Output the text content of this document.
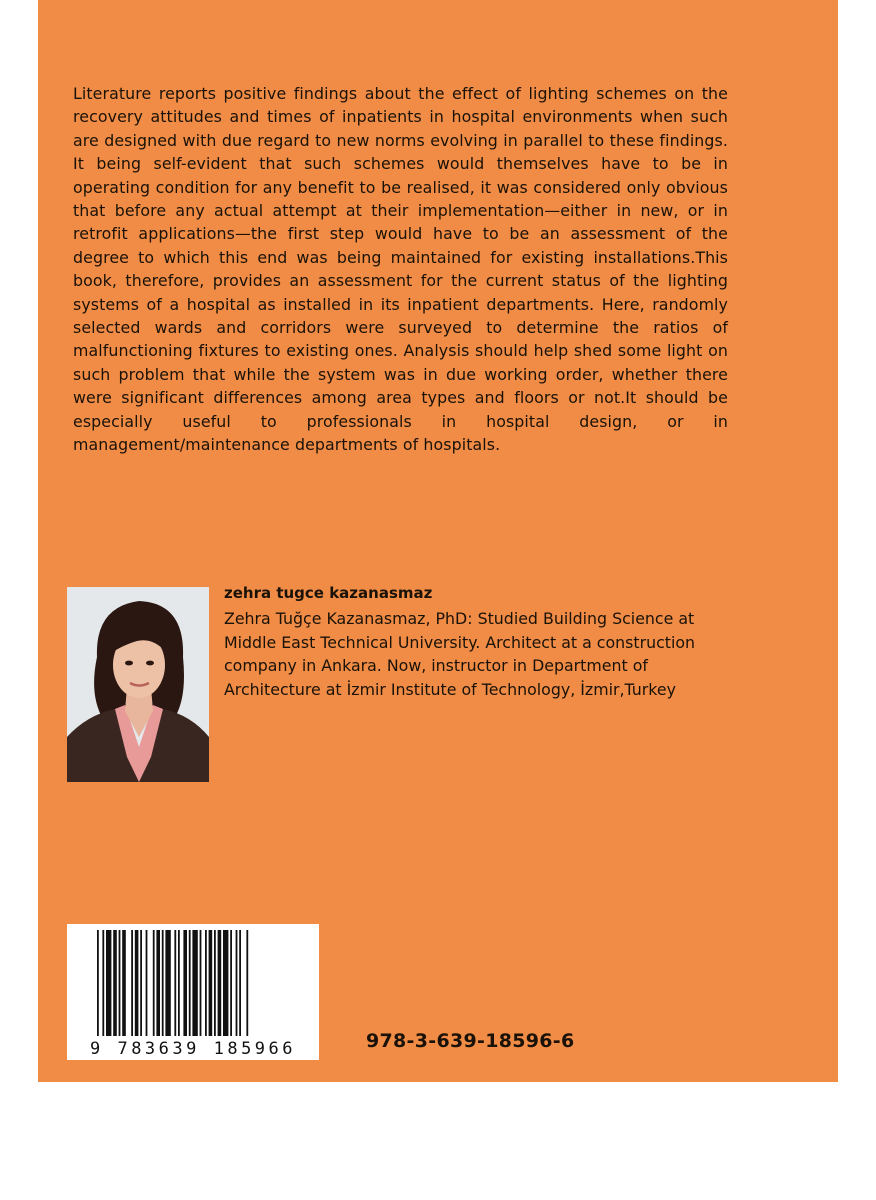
Literature reports positive findings about the effect of lighting schemes on the recovery attitudes and times of inpatients in hospital environments when such are designed with due regard to new norms evolving in parallel to these findings. It being self-evident that such schemes would themselves have to be in operating condition for any benefit to be realised, it was considered only obvious that before any actual attempt at their implementation—either in new, or in retrofit applications—the first step would have to be an assessment of the degree to which this end was being maintained for existing installations.This book, therefore, provides an assessment for the current status of the lighting systems of a hospital as installed in its inpatient departments. Here, randomly selected wards and corridors were surveyed to determine the ratios of malfunctioning fixtures to existing ones. Analysis should help shed some light on such problem that while the system was in due working order, whether there were significant differences among area types and floors or not.It should be especially useful to professionals in hospital design, or in management/maintenance departments of hospitals.

zehra tugce kazanasmaz

Zehra Tuğçe Kazanasmaz, PhD: Studied Building Science at Middle East Technical University. Architect at a construction company in Ankara. Now, instructor in Department of Architecture at İzmir Institute of Technology, İzmir,Turkey

9 783639 185966	978-3-639-18596-6
